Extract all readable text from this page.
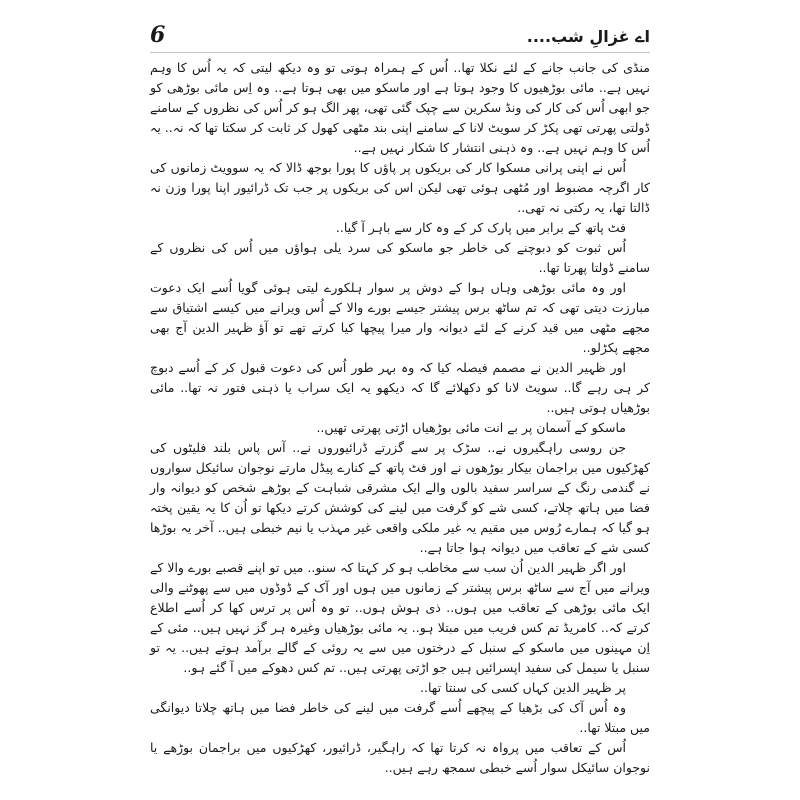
اے غزالِ شب....
6

منڈی کی جانب جانے کے لئے نکلا تھا.. اُس کے ہمراہ ہوتی تو وہ دیکھ لیتی کہ یہ اُس کا وہم نہیں ہے.. مائی بوڑھیوں کا وجود ہوتا ہے اور ماسکو میں بھی ہوتا ہے.. وہ اِس مائی بوڑھی کو جو ابھی اُس کی کار کی ونڈ سکرین سے چپک گئی تھی، پھر الگ ہو کر اُس کی نظروں کے سامنے ڈولتی پھرتی تھی پکڑ کر سویٹ لانا کے سامنے اپنی بند مٹھی کھول کر ثابت کر سکتا تھا کہ نہ.. یہ اُس کا وہم نہیں ہے.. وہ ذہنی انتشار کا شکار نہیں ہے..

اُس نے اپنی پرانی مسکوا کار کی بریکوں پر پاؤں کا پورا بوجھ ڈالا کہ یہ سوویٹ زمانوں کی کار اگرچہ مضبوط اور مُٹھی ہوئی تھی لیکن اس کی بریکوں پر جب تک ڈرائیور اپنا پورا وزن نہ ڈالتا تھا، یہ رکتی نہ تھی..

فٹ پاتھ کے برابر میں پارک کر کے وہ کار سے باہر آ گیا..

اُس ثبوت کو دبوچنے کی خاطر جو ماسکو کی سرد یلی ہواؤں میں اُس کی نظروں کے سامنے ڈولتا پھرتا تھا..

اور وہ مائی بوڑھی وہاں ہوا کے دوش پر سوار ہلکورے لیتی ہوئی گویا اُسے ایک دعوت مبارزت دیتی تھی کہ تم ساٹھ برس پیشتر جیسے بورے والا کے اُس ویرانے میں کیسے اشتیاق سے مجھے مٹھی میں قید کرنے کے لئے دیوانہ وار میرا پیچھا کیا کرتے تھے تو آؤ ظہیر الدین آج بھی مجھے پکڑلو..

اور ظہیر الدین نے مصمم فیصلہ کیا کہ وہ بہر طور اُس کی دعوت قبول کر کے اُسے دبوچ کر ہی رہے گا.. سویٹ لانا کو دکھلائے گا کہ دیکھو یہ ایک سراب یا ذہنی فتور نہ تھا.. مائی بوڑھیاں ہوتی ہیں..

ماسکو کے آسمان پر بے انت مائی بوڑھیاں اڑتی پھرتی تھیں..

جن روسی راہگیروں نے.. سڑک پر سے گزرتے ڈرائیوروں نے.. آس پاس بلند فلیٹوں کی کھڑکیوں میں براجمان بیکار بوڑھوں نے اور فٹ پاتھ کے کنارے پیڈل مارتے نوجوان سائیکل سواروں نے گندمی رنگ کے سراسر سفید بالوں والے ایک مشرقی شباہت کے بوڑھے شخص کو دیوانہ وار فضا میں ہاتھ چلاتے، کسی شے کو گرفت میں لینے کی کوشش کرتے دیکھا تو اُن کا یہ یقین پختہ ہو گیا کہ ہمارے رُوس میں مقیم یہ غیر ملکی واقعی غیر مہذب یا نیم خبطی ہیں.. آخر یہ بوڑھا کسی شے کے تعاقب میں دیوانہ ہوا جاتا ہے..

اور اگر ظہیر الدین اُن سب سے مخاطب ہو کر کہتا کہ سنو.. میں تو اپنے قصبے بورے والا کے ویرانے میں آج سے ساٹھ برس پیشتر کے زمانوں میں ہوں اور آک کے ڈوڈوں میں سے پھوٹنے والی ایک مائی بوڑھی کے تعاقب میں ہوں.. ذی ہوش ہوں.. تو وہ اُس پر ترس کھا کر اُسے اطلاع کرتے کہ.. کامریڈ تم کس فریب میں مبتلا ہو.. یہ مائی بوڑھیاں وغیرہ ہر گز نہیں ہیں.. مئی کے اِن مہینوں میں ماسکو کے سنبل کے درختوں میں سے یہ روئی کے گالے برآمد ہوتے ہیں.. یہ تو سنبل یا سیمل کی سفید اپسرائیں ہیں جو اڑتی پھرتی ہیں.. تم کس دھوکے میں آ گئے ہو..

پر ظہیر الدین کہاں کسی کی سنتا تھا..

وہ اُس آک کی بڑھیا کے پیچھے اُسے گرفت میں لینے کی خاطر فضا میں ہاتھ چلاتا دیوانگی میں مبتلا تھا..

اُس کے تعاقب میں پرواہ نہ کرتا تھا کہ راہگیر، ڈرائیور، کھڑکیوں میں براجمان بوڑھے یا نوجوان سائیکل سوار اُسے خبطی سمجھ رہے ہیں..
